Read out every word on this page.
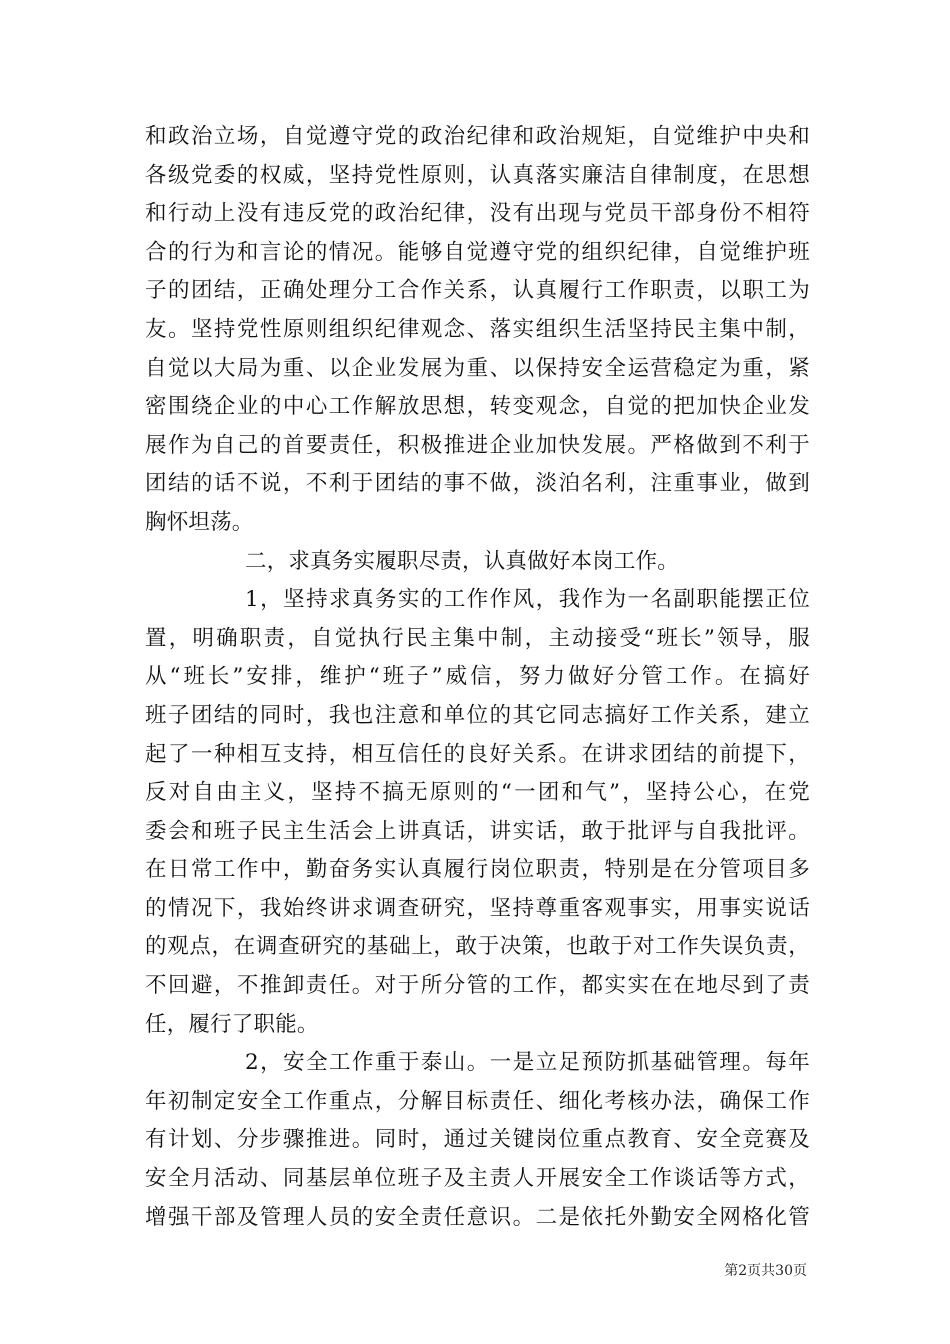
和政治立场，自觉遵守党的政治纪律和政治规矩，自觉维护中央和
各级党委的权威，坚持党性原则，认真落实廉洁自律制度，在思想
和行动上没有违反党的政治纪律，没有出现与党员干部身份不相符
合的行为和言论的情况。能够自觉遵守党的组织纪律，自觉维护班
子的团结，正确处理分工合作关系，认真履行工作职责，以职工为
友。坚持党性原则组织纪律观念、落实组织生活坚持民主集中制，
自觉以大局为重、以企业发展为重、以保持安全运营稳定为重，紧
密围绕企业的中心工作解放思想，转变观念，自觉的把加快企业发
展作为自己的首要责任，积极推进企业加快发展。严格做到不利于
团结的话不说，不利于团结的事不做，淡泊名利，注重事业，做到
胸怀坦荡。
二，求真务实履职尽责，认真做好本岗工作。
1，坚持求真务实的工作作风，我作为一名副职能摆正位
置，明确职责，自觉执行民主集中制，主动接受“班长”领导，服
从“班长”安排，维护“班子”威信，努力做好分管工作。在搞好
班子团结的同时，我也注意和单位的其它同志搞好工作关系，建立
起了一种相互支持，相互信任的良好关系。在讲求团结的前提下，
反对自由主义，坚持不搞无原则的“一团和气”，坚持公心，在党
委会和班子民主生活会上讲真话，讲实话，敢于批评与自我批评。
在日常工作中，勤奋务实认真履行岗位职责，特别是在分管项目多
的情况下，我始终讲求调查研究，坚持尊重客观事实，用事实说话
的观点，在调查研究的基础上，敢于决策，也敢于对工作失误负责，
不回避，不推卸责任。对于所分管的工作，都实实在在地尽到了责
任，履行了职能。
2，安全工作重于泰山。一是立足预防抓基础管理。每年
年初制定安全工作重点，分解目标责任、细化考核办法，确保工作
有计划、分步骤推进。同时，通过关键岗位重点教育、安全竞赛及
安全月活动、同基层单位班子及主责人开展安全工作谈话等方式，
增强干部及管理人员的安全责任意识。二是依托外勤安全网格化管
第2页共30页
